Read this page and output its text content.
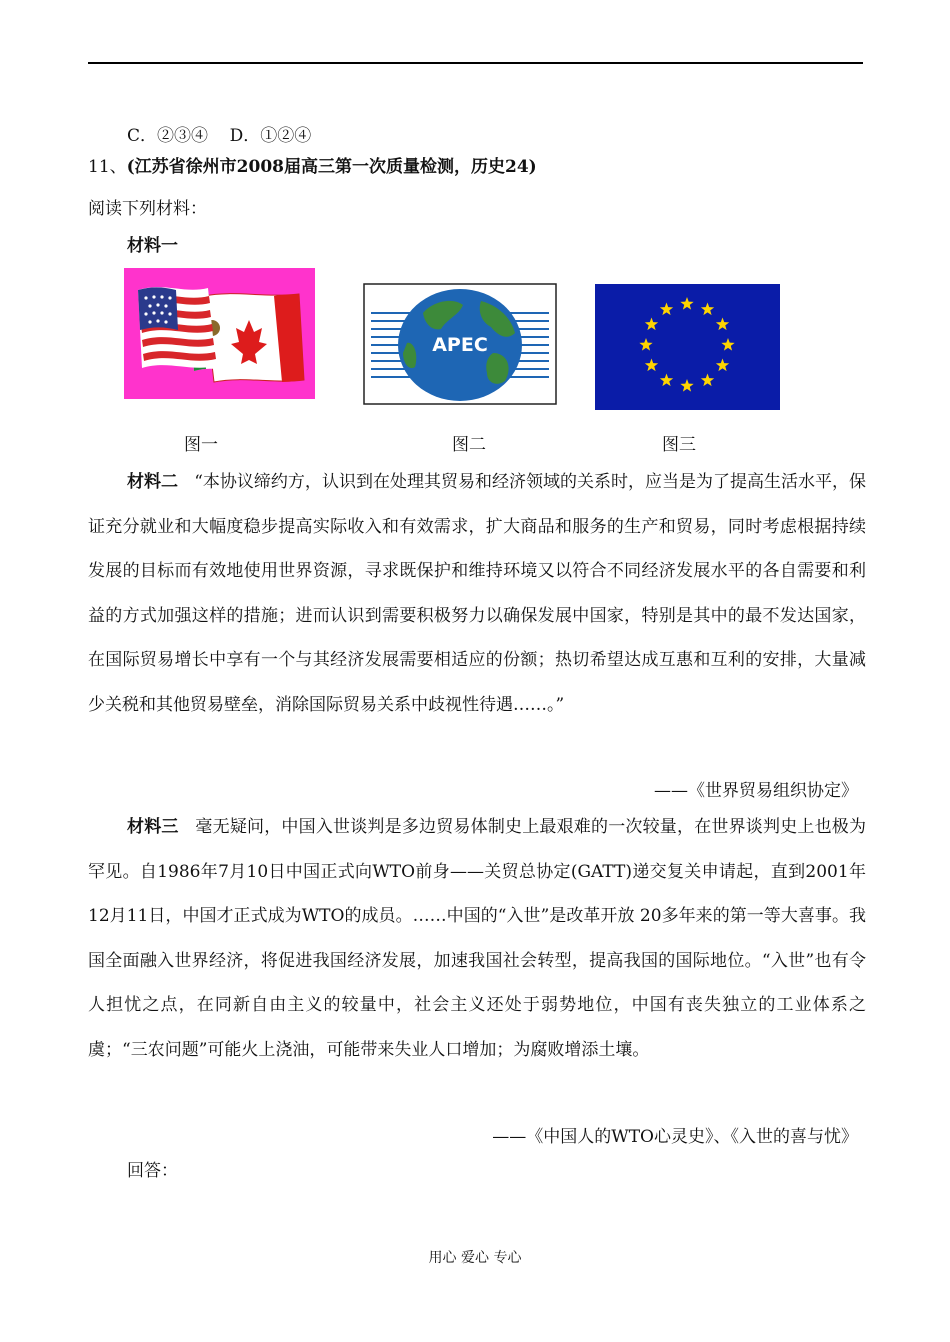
C．②③④ D．①②④
11、(江苏省徐州市2008届高三第一次质量检测，历史24)
阅读下列材料：
材料一
APEC
图一	图二	图三
材料二 “本协议缔约方，认识到在处理其贸易和经济领域的关系时，应当是为了提高生活水平，保证充分就业和大幅度稳步提高实际收入和有效需求，扩大商品和服务的生产和贸易，同时考虑根据持续发展的目标而有效地使用世界资源，寻求既保护和维持环境又以符合不同经济发展水平的各自需要和利益的方式加强这样的措施；进而认识到需要积极努力以确保发展中国家，特别是其中的最不发达国家，在国际贸易增长中享有一个与其经济发展需要相适应的份额；热切希望达成互惠和互利的安排，大量减少关税和其他贸易壁垒，消除国际贸易关系中歧视性待遇……。”
——《世界贸易组织协定》
材料三 毫无疑问，中国入世谈判是多边贸易体制史上最艰难的一次较量，在世界谈判史上也极为罕见。自1986年7月10日中国正式向WTO前身——关贸总协定(GATT)递交复关申请起，直到2001年12月11日，中国才正式成为WTO的成员。……中国的“入世”是改革开放 20多年来的第一等大喜事。我国全面融入世界经济，将促进我国经济发展，加速我国社会转型，提高我国的国际地位。“入世”也有令人担忧之点，在同新自由主义的较量中，社会主义还处于弱势地位，中国有丧失独立的工业体系之虞；“三农问题”可能火上浇油，可能带来失业人口增加；为腐败增添土壤。
——《中国人的WTO心灵史》、《入世的喜与忧》
回答：
用心 爱心 专心
